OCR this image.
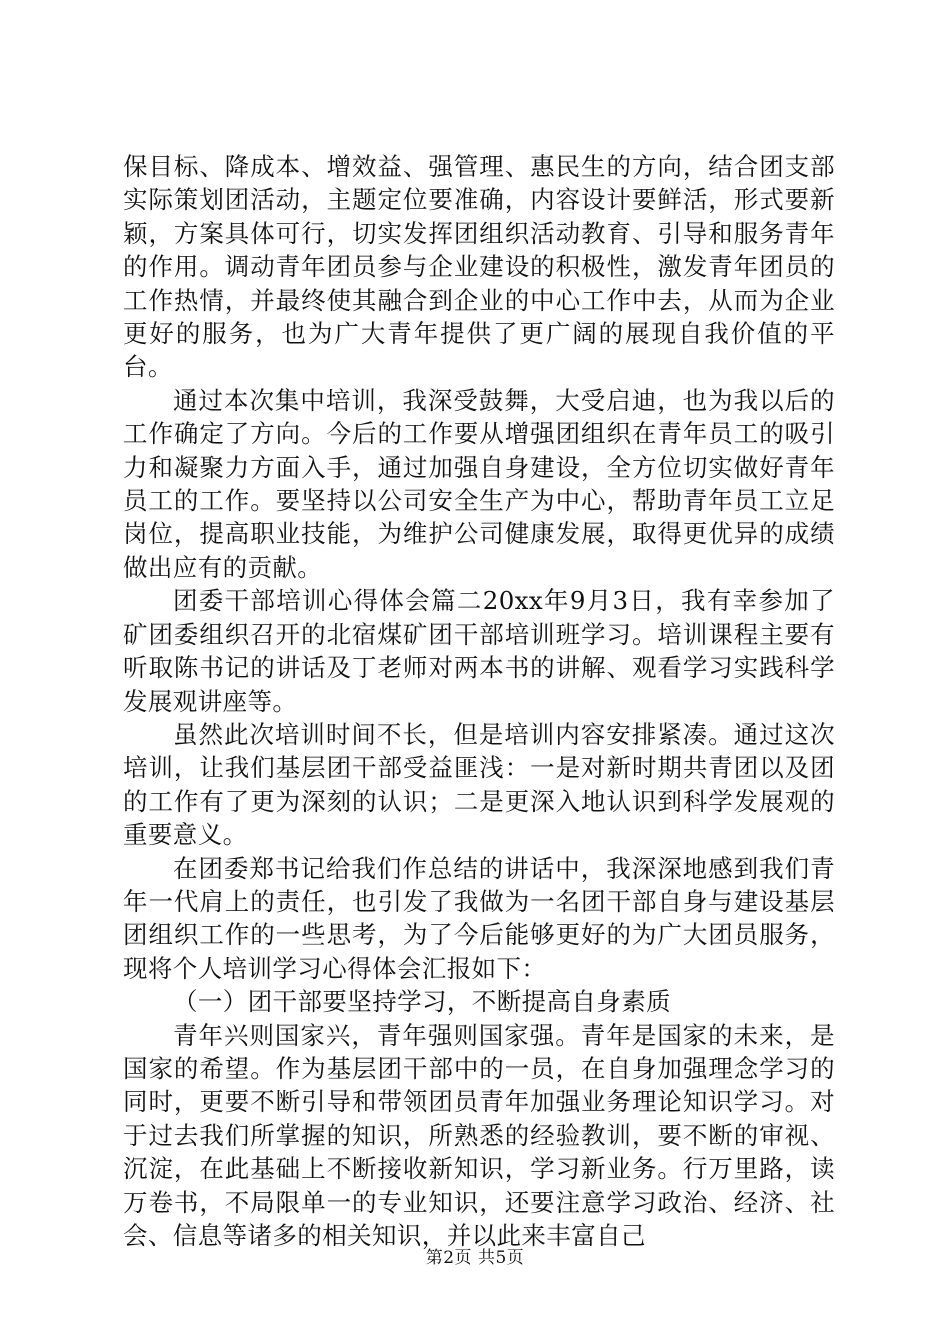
保目标、降成本、增效益、强管理、惠民生的方向，结合团支部实际策划团活动，主题定位要准确，内容设计要鲜活，形式要新颖，方案具体可行，切实发挥团组织活动教育、引导和服务青年的作用。调动青年团员参与企业建设的积极性，激发青年团员的工作热情，并最终使其融合到企业的中心工作中去，从而为企业更好的服务，也为广大青年提供了更广阔的展现自我价值的平台。

通过本次集中培训，我深受鼓舞，大受启迪，也为我以后的工作确定了方向。今后的工作要从增强团组织在青年员工的吸引力和凝聚力方面入手，通过加强自身建设，全方位切实做好青年员工的工作。要坚持以公司安全生产为中心，帮助青年员工立足岗位，提高职业技能，为维护公司健康发展，取得更优异的成绩做出应有的贡献。

团委干部培训心得体会篇二20xx年9月3日，我有幸参加了矿团委组织召开的北宿煤矿团干部培训班学习。培训课程主要有听取陈书记的讲话及丁老师对两本书的讲解、观看学习实践科学发展观讲座等。

虽然此次培训时间不长，但是培训内容安排紧凑。通过这次培训，让我们基层团干部受益匪浅：一是对新时期共青团以及团的工作有了更为深刻的认识；二是更深入地认识到科学发展观的重要意义。

在团委郑书记给我们作总结的讲话中，我深深地感到我们青年一代肩上的责任，也引发了我做为一名团干部自身与建设基层团组织工作的一些思考，为了今后能够更好的为广大团员服务，现将个人培训学习心得体会汇报如下：

（一）团干部要坚持学习，不断提高自身素质

青年兴则国家兴，青年强则国家强。青年是国家的未来，是国家的希望。作为基层团干部中的一员，在自身加强理念学习的同时，更要不断引导和带领团员青年加强业务理论知识学习。对于过去我们所掌握的知识，所熟悉的经验教训，要不断的审视、沉淀，在此基础上不断接收新知识，学习新业务。行万里路，读万卷书，不局限单一的专业知识，还要注意学习政治、经济、社会、信息等诸多的相关知识，并以此来丰富自己

第2页 共5页
